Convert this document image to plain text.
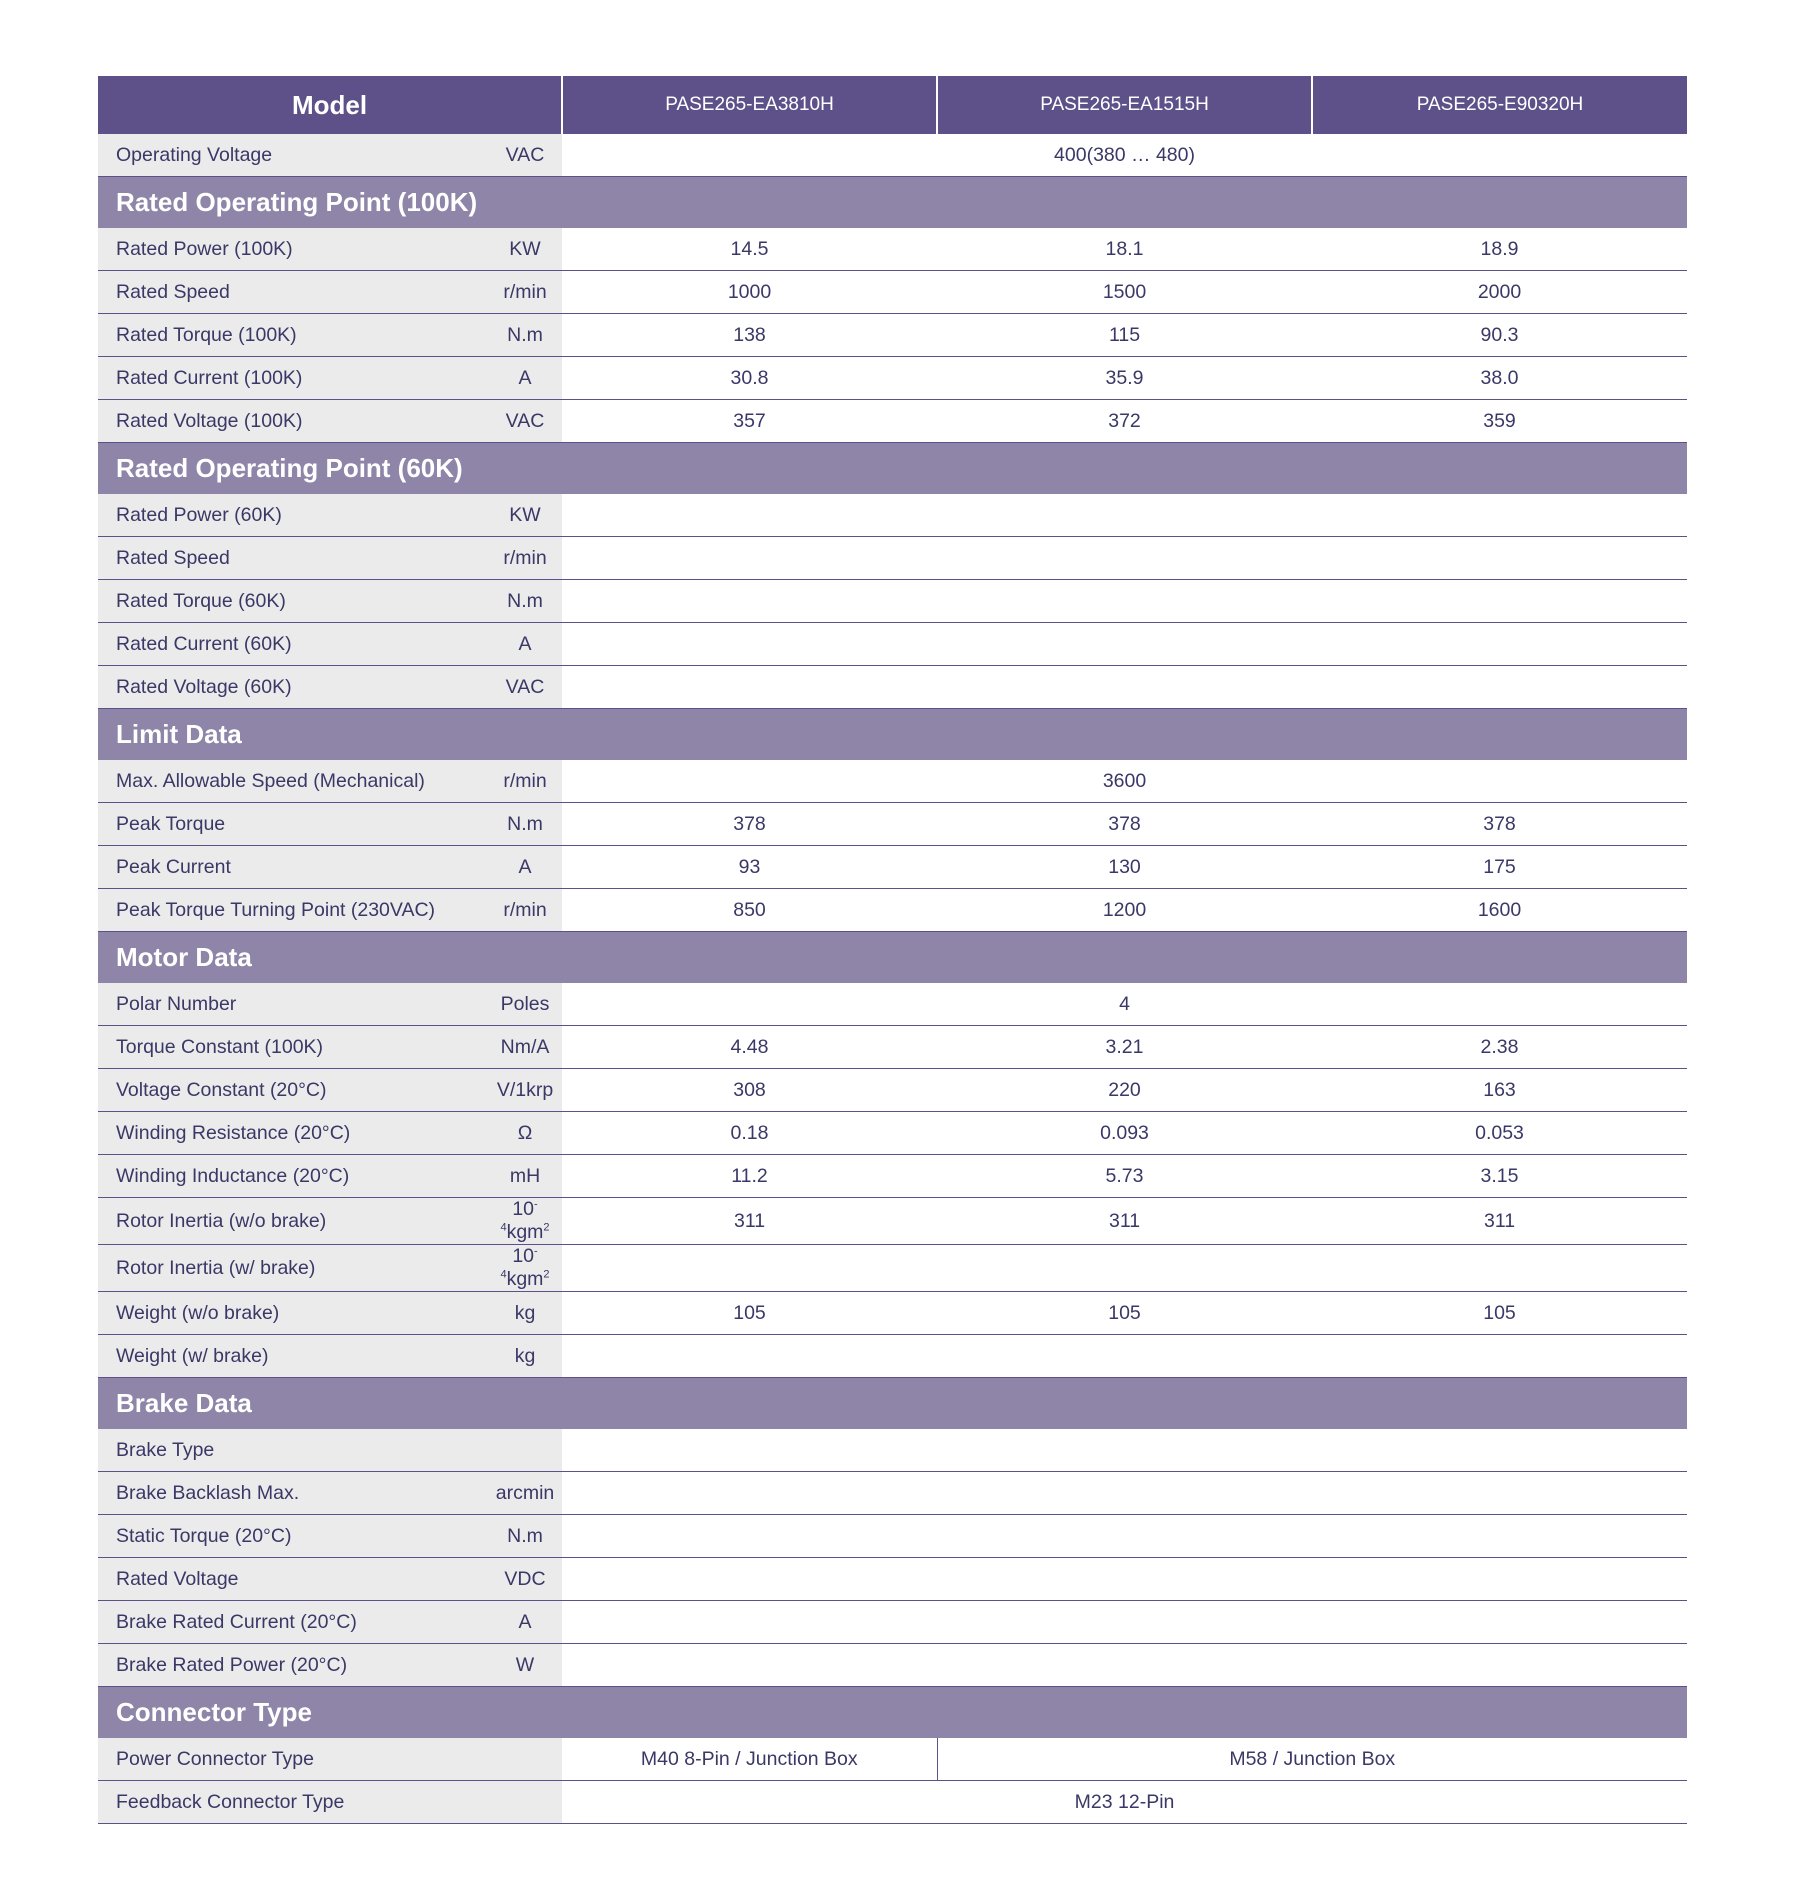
Model		PASE265-EA3810H	PASE265-EA1515H	PASE265-E90320H
Operating Voltage	VAC	400(380 … 480)		
Rated Operating Point (100K)				
Rated Power (100K)	KW	14.5	18.1	18.9
Rated Speed	r/min	1000	1500	2000
Rated Torque (100K)	N.m	138	115	90.3
Rated Current (100K)	A	30.8	35.9	38.0
Rated Voltage (100K)	VAC	357	372	359
Rated Operating Point (60K)				
Rated Power (60K)	KW			
Rated Speed	r/min			
Rated Torque (60K)	N.m			
Rated Current (60K)	A			
Rated Voltage (60K)	VAC			
Limit Data				
Max. Allowable Speed (Mechanical)	r/min	3600		
Peak Torque	N.m	378	378	378
Peak Current	A	93	130	175
Peak Torque Turning Point (230VAC)	r/min	850	1200	1600
Motor Data				
Polar Number	Poles	4		
Torque Constant (100K)	Nm/A	4.48	3.21	2.38
Voltage Constant (20°C)	V/1krp	308	220	163
Winding Resistance (20°C)	Ω	0.18	0.093	0.053
Winding Inductance (20°C)	mH	11.2	5.73	3.15
Rotor Inertia (w/o brake)	$10^{-4}kgm^2$	311	311	311
Rotor Inertia (w/ brake)	$10^{-4}kgm^2$	
Weight (w/o brake)	kg	105	105	105
Weight (w/ brake)	kg			
Brake Data				
Brake Type				
Brake Backlash Max.	arcmin			
Static Torque (20°C)	N.m			
Rated Voltage	VDC			
Brake Rated Current (20°C)	A			
Brake Rated Power (20°C)	W			
Connector Type				
Power Connector Type		M40 8-Pin / Junction Box	M58 / Junction Box	
Feedback Connector Type		M23 12-Pin		
